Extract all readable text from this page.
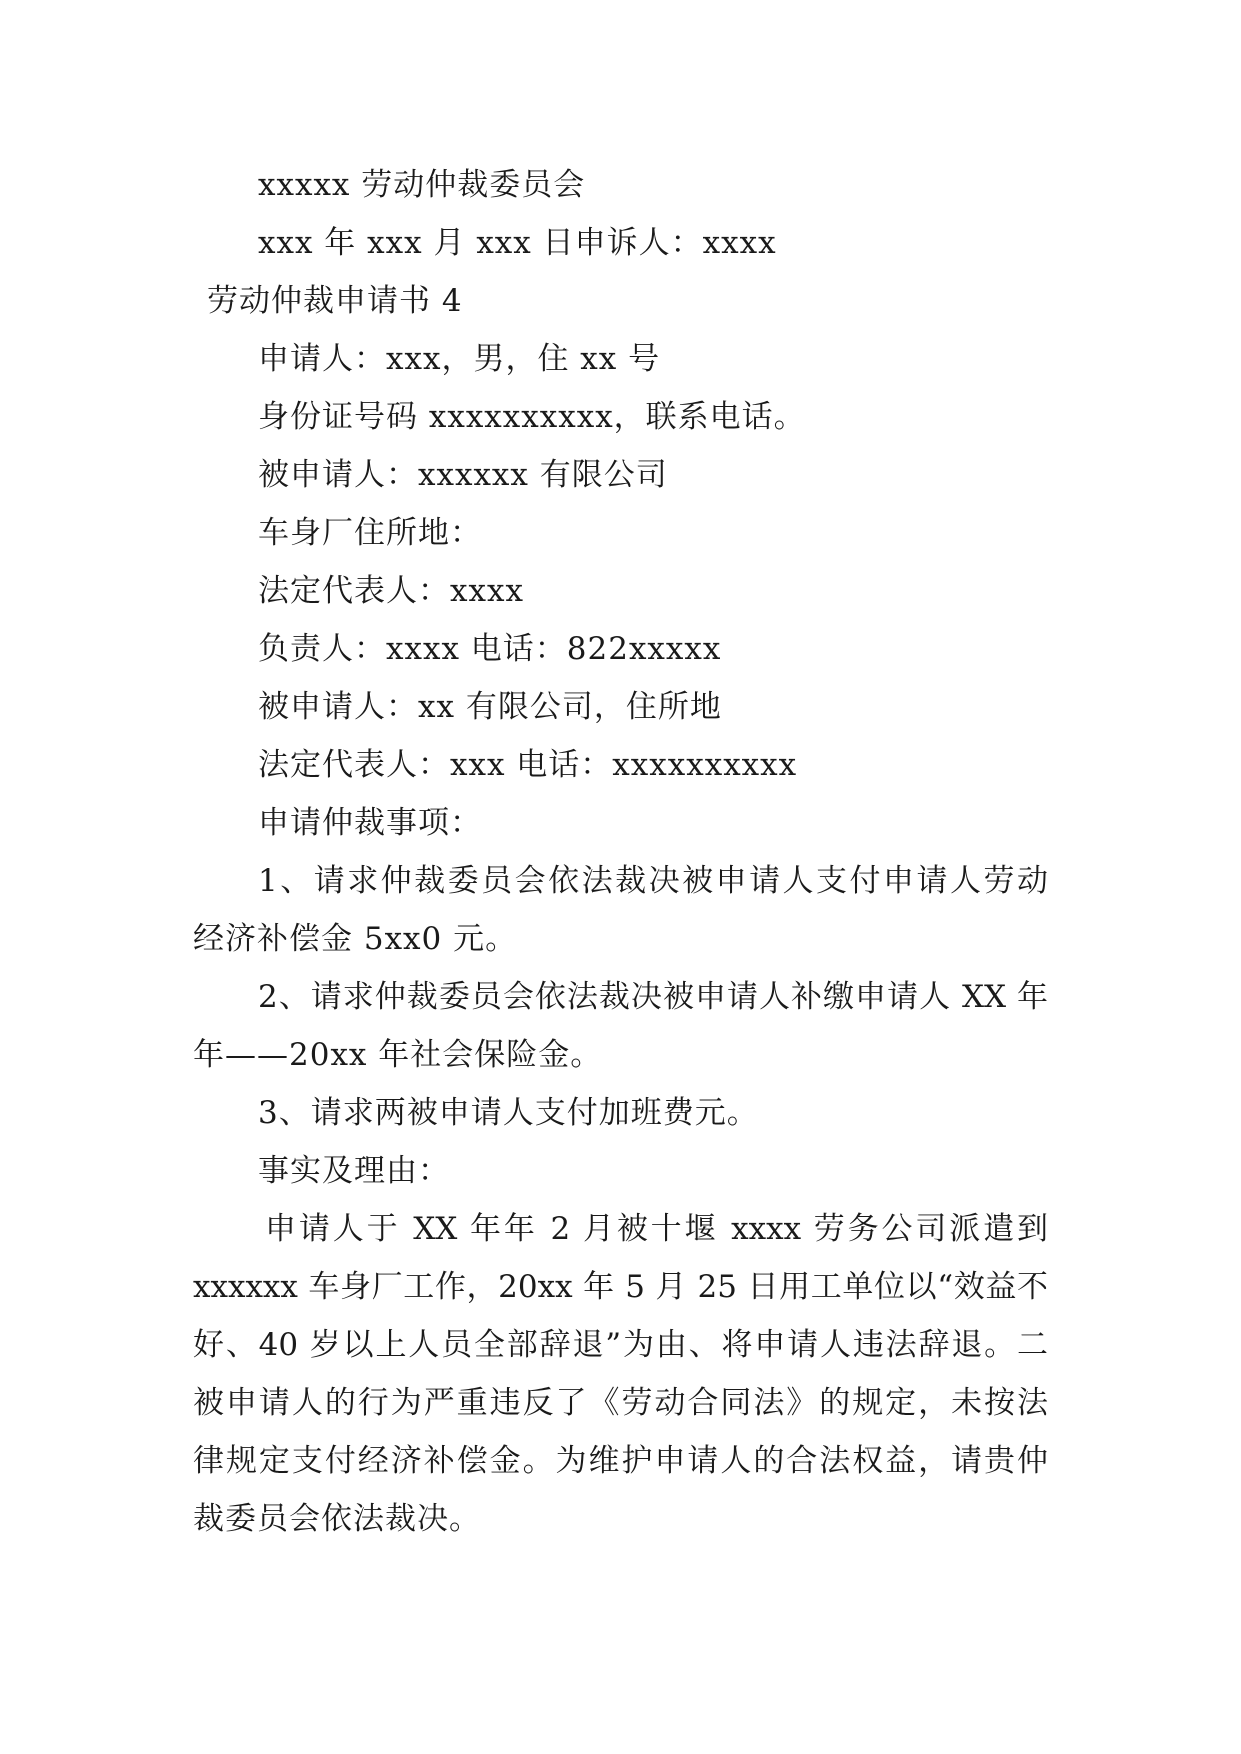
xxxxx 劳动仲裁委员会
xxx 年 xxx 月 xxx 日申诉人：xxxx
劳动仲裁申请书 4
申请人：xxx，男，住 xx 号
身份证号码 xxxxxxxxxx，联系电话。
被申请人：xxxxxx 有限公司
车身厂住所地：
法定代表人：xxxx
负责人：xxxx 电话：822xxxxx
被申请人：xx 有限公司，住所地
法定代表人：xxx 电话：xxxxxxxxxx
申请仲裁事项：
1、请求仲裁委员会依法裁决被申请人支付申请人劳动
经济补偿金 5xx0 元。
2、请求仲裁委员会依法裁决被申请人补缴申请人 XX 年
年——20xx 年社会保险金。
3、请求两被申请人支付加班费元。
事实及理由：
申请人于 XX 年年 2 月被十堰 xxxx 劳务公司派遣到
xxxxxx 车身厂工作，20xx 年 5 月 25 日用工单位以“效益不
好、40 岁以上人员全部辞退”为由、将申请人违法辞退。二
被申请人的行为严重违反了《劳动合同法》的规定，未按法
律规定支付经济补偿金。为维护申请人的合法权益，请贵仲
裁委员会依法裁决。
